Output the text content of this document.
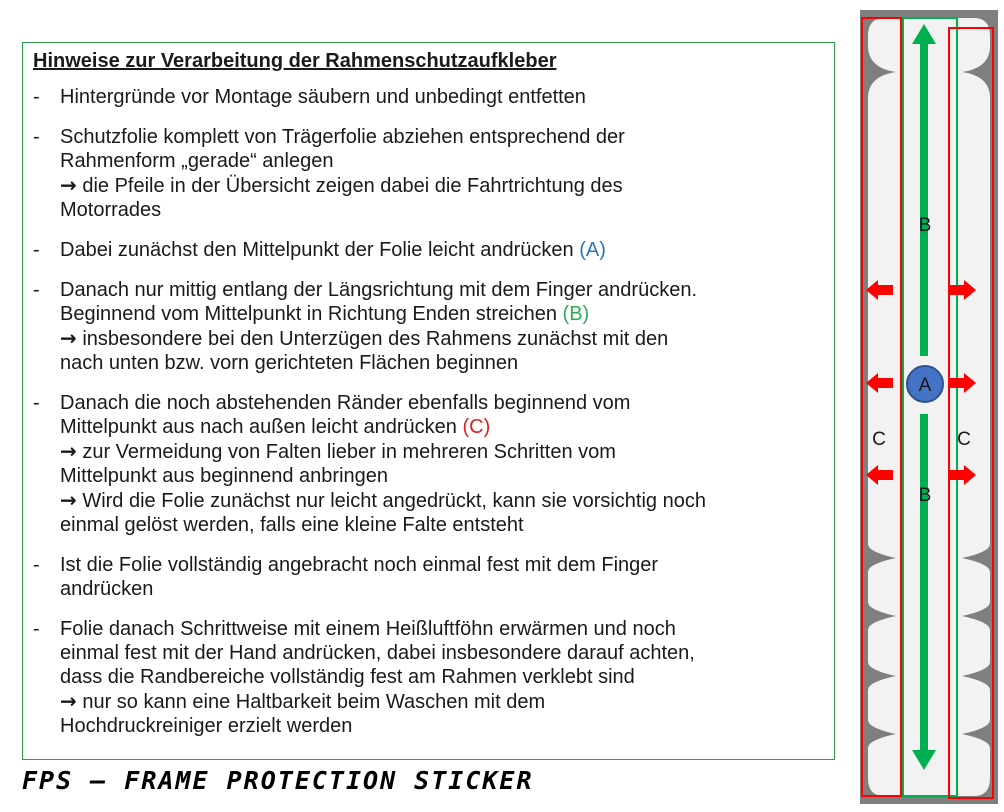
Hinweise zur Verarbeitung der Rahmenschutzaufkleber
-	Hintergründe vor Montage säubern und unbedingt entfetten
-	Schutzfolie komplett von Trägerfolie abziehen entsprechend der
Rahmenform „gerade“ anlegen
→ die Pfeile in der Übersicht zeigen dabei die Fahrtrichtung des
Motorrades
-	Dabei zunächst den Mittelpunkt der Folie leicht andrücken (A)
-	Danach nur mittig entlang der Längsrichtung mit dem Finger andrücken.
Beginnend vom Mittelpunkt in Richtung Enden streichen (B)
→ insbesondere bei den Unterzügen des Rahmens zunächst mit den
nach unten bzw. vorn gerichteten Flächen beginnen
-	Danach die noch abstehenden Ränder ebenfalls beginnend vom
Mittelpunkt aus nach außen leicht andrücken (C)
→ zur Vermeidung von Falten lieber in mehreren Schritten vom
Mittelpunkt aus beginnend anbringen
→ Wird die Folie zunächst nur leicht angedrückt, kann sie vorsichtig noch
einmal gelöst werden, falls eine kleine Falte entsteht
-	Ist die Folie vollständig angebracht noch einmal fest mit dem Finger
andrücken
-	Folie danach Schrittweise mit einem Heißluftföhn erwärmen und noch
einmal fest mit der Hand andrücken, dabei insbesondere darauf achten,
dass die Randbereiche vollständig fest am Rahmen verklebt sind
→ nur so kann eine Haltbarkeit beim Waschen mit dem
Hochdruckreiniger erzielt werden
FPS – FRAME PROTECTION STICKER
A
B
B
C	C
